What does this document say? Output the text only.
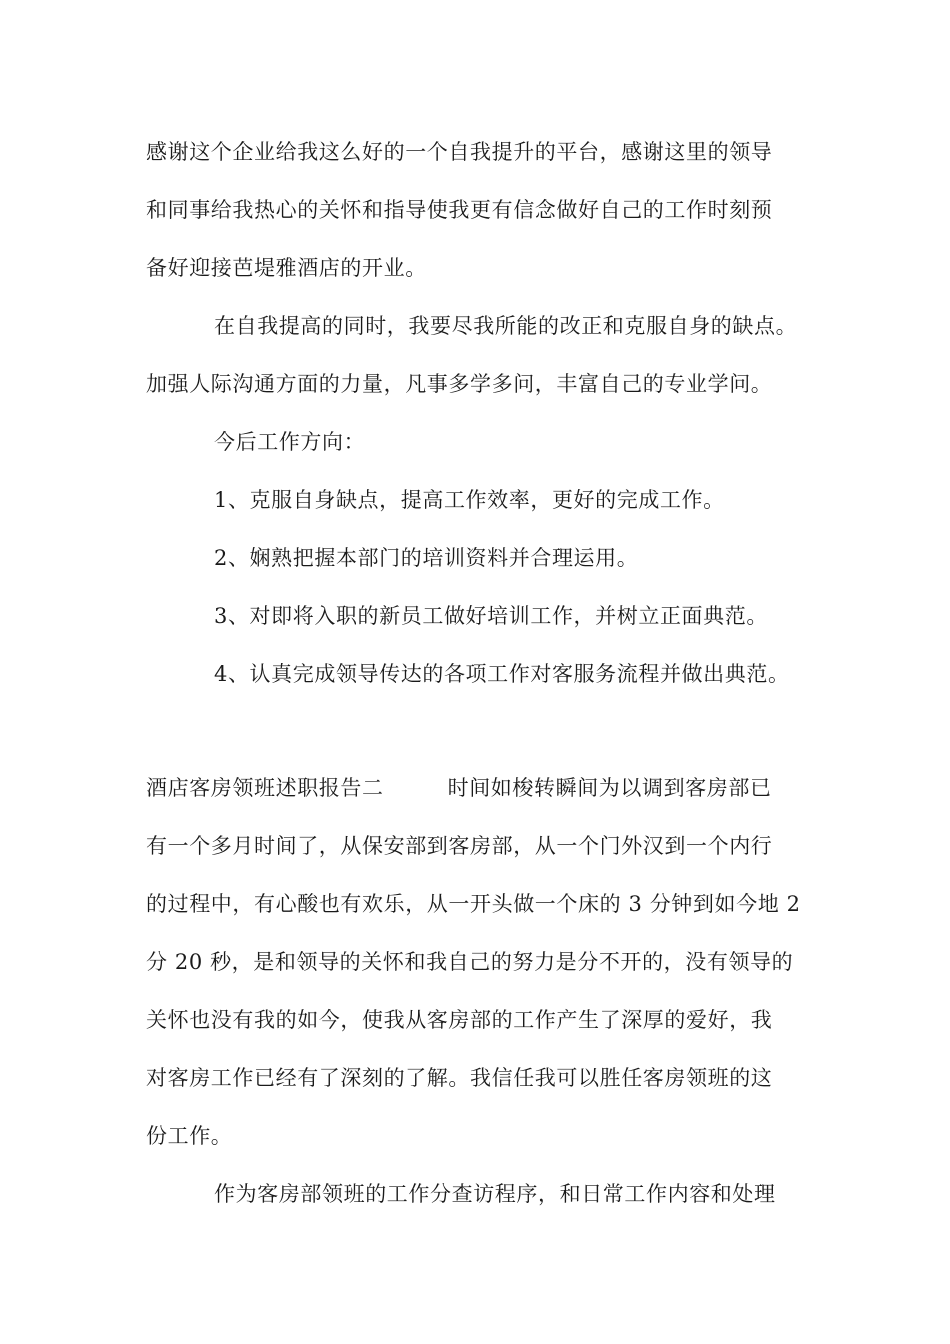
感谢这个企业给我这么好的一个自我提升的平台，感谢这里的领导
和同事给我热心的关怀和指导使我更有信念做好自己的工作时刻预
备好迎接芭堤雅酒店的开业。
在自我提高的同时，我要尽我所能的改正和克服自身的缺点。
加强人际沟通方面的力量，凡事多学多问，丰富自己的专业学问。
今后工作方向：
1、克服自身缺点，提高工作效率，更好的完成工作。
2、娴熟把握本部门的培训资料并合理运用。
3、对即将入职的新员工做好培训工作，并树立正面典范。
4、认真完成领导传达的各项工作对客服务流程并做出典范。
酒店客房领班述职报告二	时间如梭转瞬间为以调到客房部已
有一个多月时间了，从保安部到客房部，从一个门外汉到一个内行
的过程中，有心酸也有欢乐，从一开头做一个床的 3 分钟到如今地 2
分 20 秒，是和领导的关怀和我自己的努力是分不开的，没有领导的
关怀也没有我的如今，使我从客房部的工作产生了深厚的爱好，我
对客房工作已经有了深刻的了解。我信任我可以胜任客房领班的这
份工作。
作为客房部领班的工作分查访程序，和日常工作内容和处理
